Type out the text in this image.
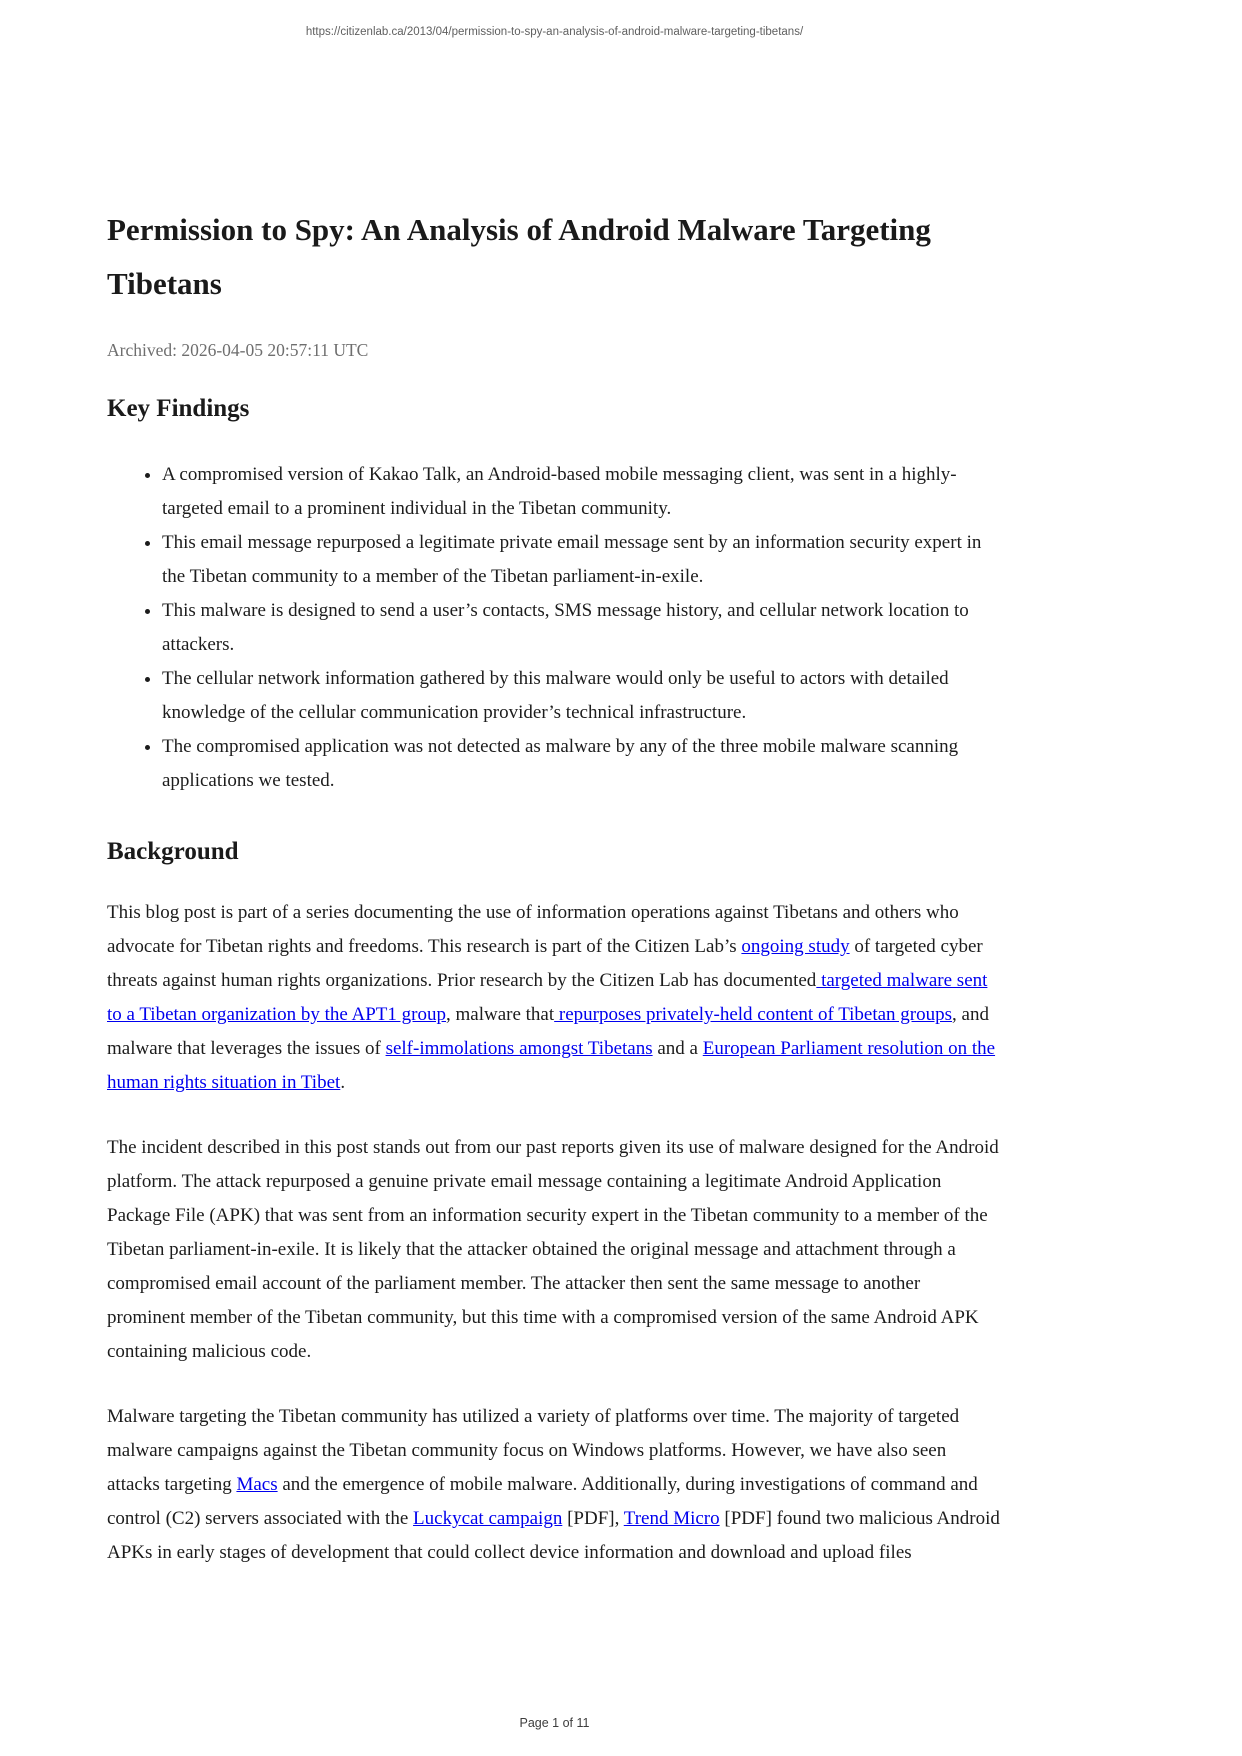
https://citizenlab.ca/2013/04/permission-to-spy-an-analysis-of-android-malware-targeting-tibetans/
Permission to Spy: An Analysis of Android Malware Targeting Tibetans

Archived: 2026-04-05 20:57:11 UTC

Key Findings
• A compromised version of Kakao Talk, an Android-based mobile messaging client, was sent in a highly-targeted email to a prominent individual in the Tibetan community.
• This email message repurposed a legitimate private email message sent by an information security expert in the Tibetan community to a member of the Tibetan parliament-in-exile.
• This malware is designed to send a user’s contacts, SMS message history, and cellular network location to attackers.
• The cellular network information gathered by this malware would only be useful to actors with detailed knowledge of the cellular communication provider’s technical infrastructure.
• The compromised application was not detected as malware by any of the three mobile malware scanning applications we tested.
Background

This blog post is part of a series documenting the use of information operations against Tibetans and others who advocate for Tibetan rights and freedoms. This research is part of the Citizen Lab’s ongoing study of targeted cyber threats against human rights organizations. Prior research by the Citizen Lab has documented targeted malware sent to a Tibetan organization by the APT1 group, malware that repurposes privately-held content of Tibetan groups, and malware that leverages the issues of self-immolations amongst Tibetans and a European Parliament resolution on the human rights situation in Tibet.

The incident described in this post stands out from our past reports given its use of malware designed for the Android platform. The attack repurposed a genuine private email message containing a legitimate Android Application Package File (APK) that was sent from an information security expert in the Tibetan community to a member of the Tibetan parliament-in-exile. It is likely that the attacker obtained the original message and attachment through a compromised email account of the parliament member. The attacker then sent the same message to another prominent member of the Tibetan community, but this time with a compromised version of the same Android APK containing malicious code.

Malware targeting the Tibetan community has utilized a variety of platforms over time. The majority of targeted malware campaigns against the Tibetan community focus on Windows platforms. However, we have also seen attacks targeting Macs and the emergence of mobile malware. Additionally, during investigations of command and control (C2) servers associated with the Luckycat campaign [PDF], Trend Micro [PDF] found two malicious Android APKs in early stages of development that could collect device information and download and upload files

Page 1 of 11
